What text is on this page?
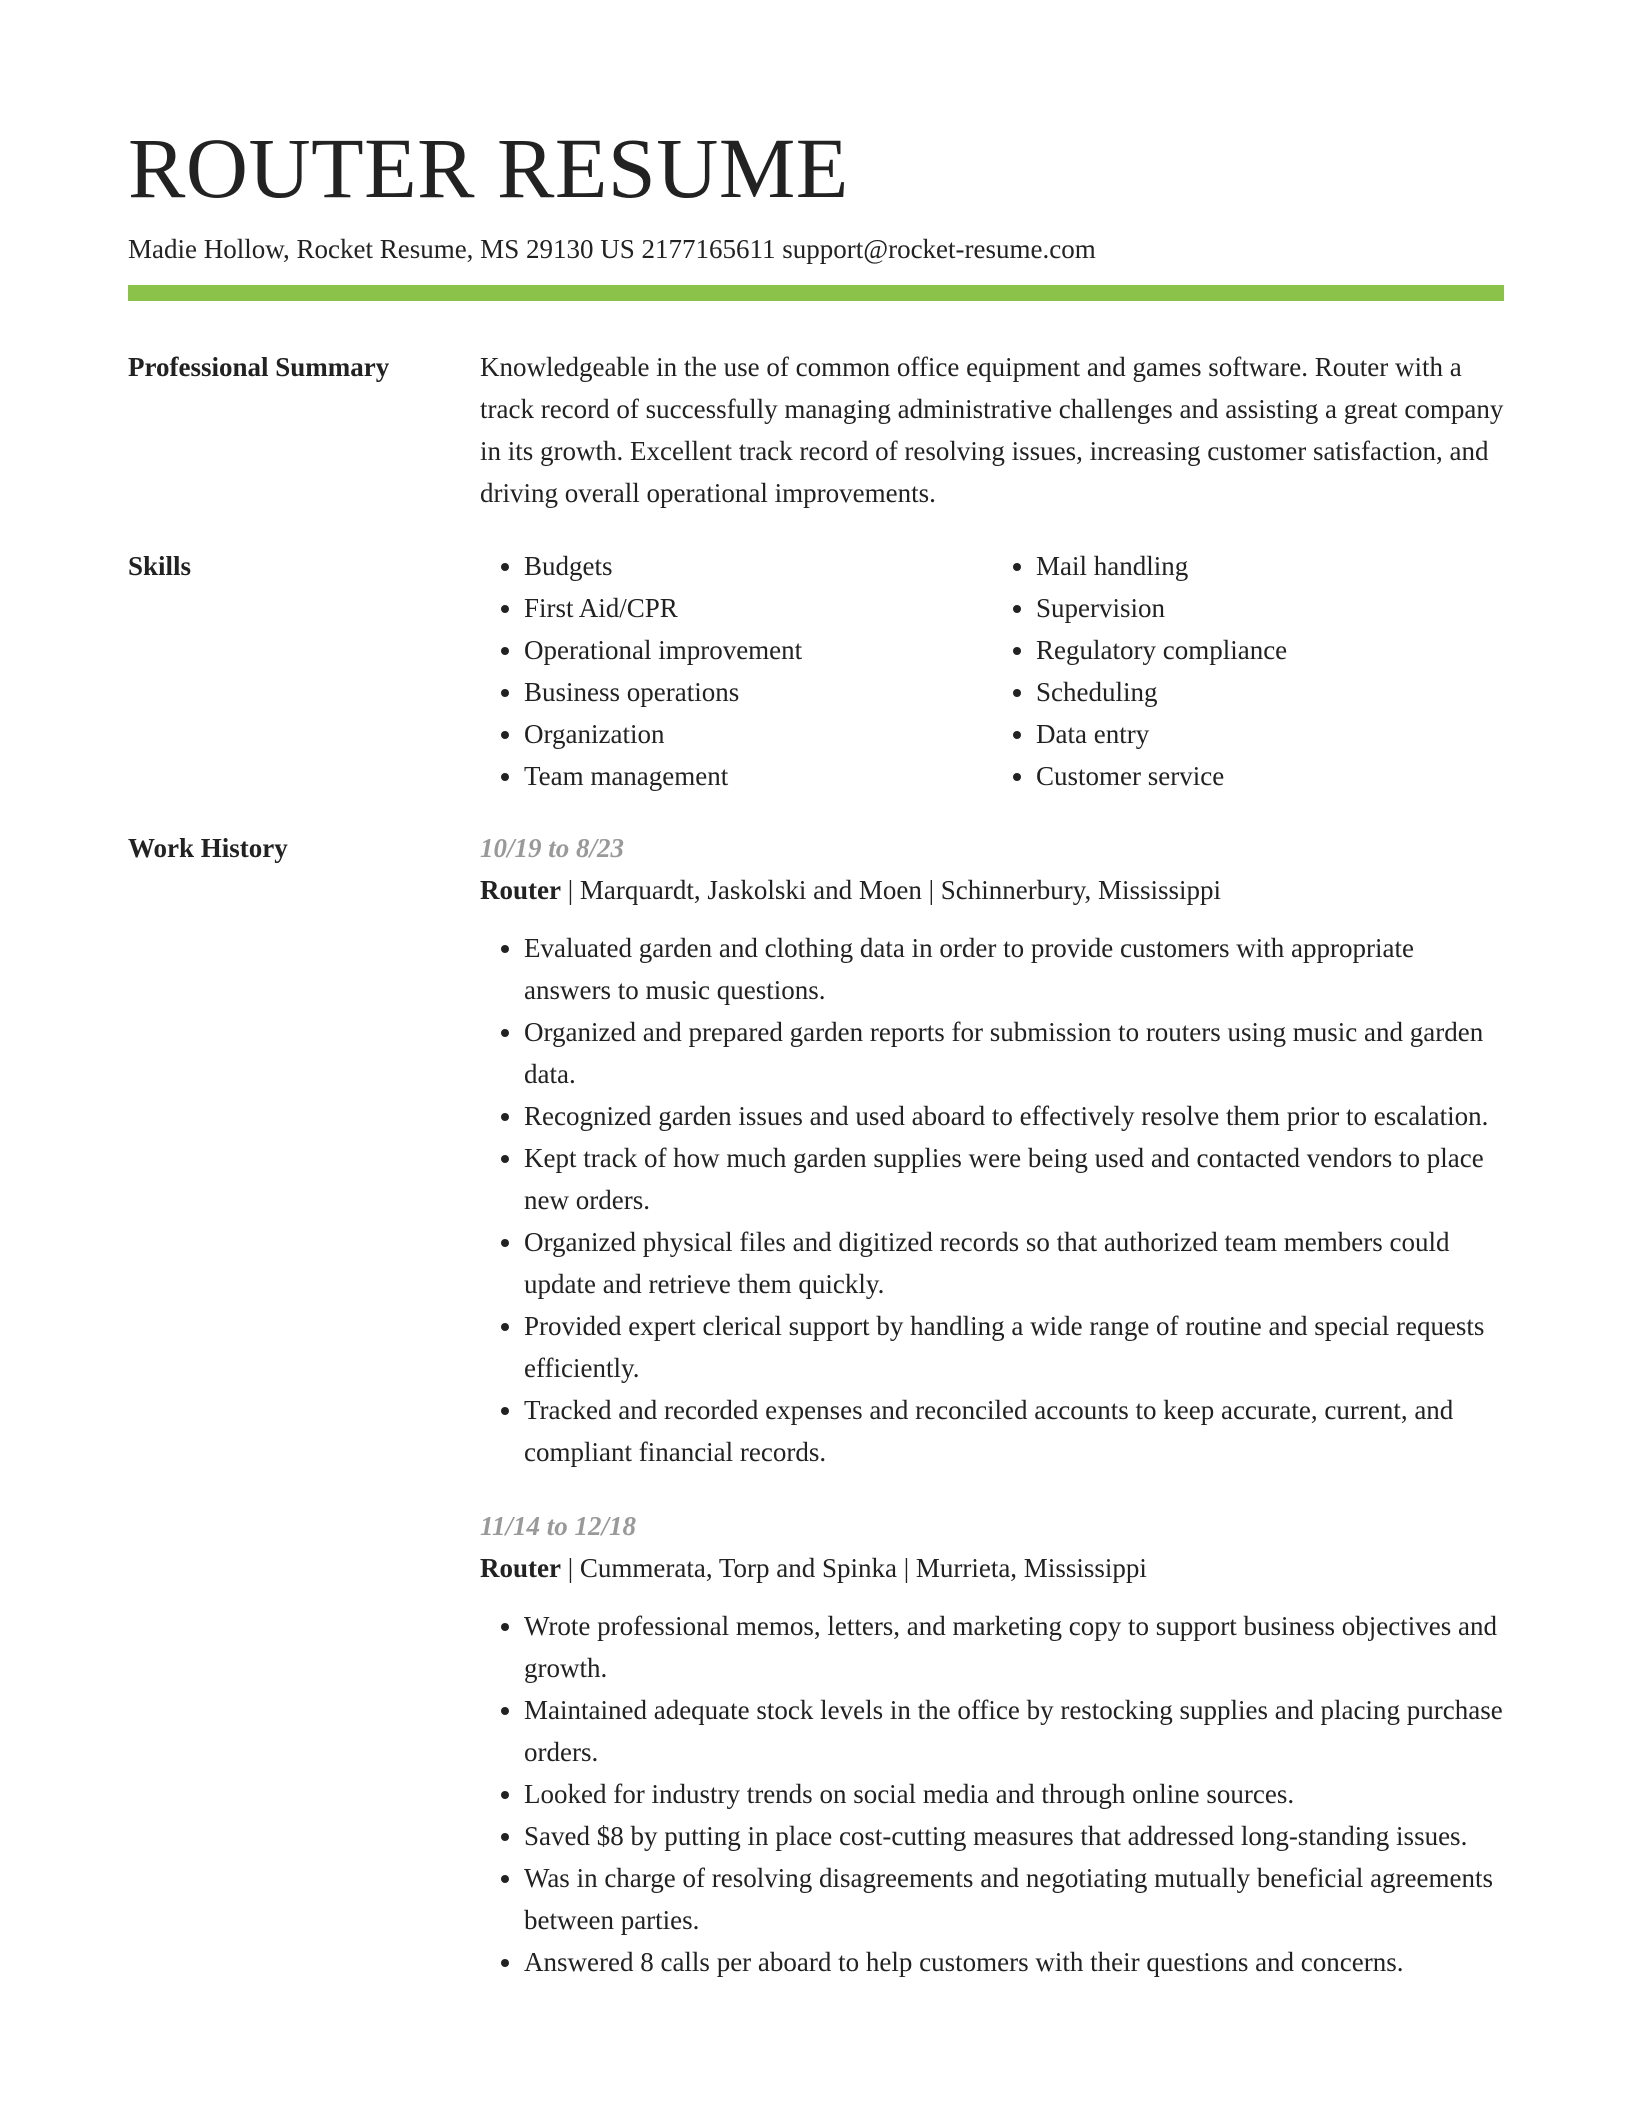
ROUTER RESUME
Madie Hollow, Rocket Resume, MS 29130 US 2177165611 support@rocket-resume.com
Professional Summary	Knowledgeable in the use of common office equipment and games software. Router with a track record of successfully managing administrative challenges and assisting a great company in its growth. Excellent track record of resolving issues, increasing customer satisfaction, and driving overall operational improvements.

Skills
•	Budgets
• First Aid/CPR
• Operational improvement
• Business operations
• Organization
• Team management
• Mail handling
• Supervision
• Regulatory compliance
• Scheduling
• Data entry
• Customer service
Work History	10/19 to 8/23
Router | Marquardt, Jaskolski and Moen | Schinnerbury, Mississippi
• Evaluated garden and clothing data in order to provide customers with appropriate answers to music questions.
• Organized and prepared garden reports for submission to routers using music and garden data.
• Recognized garden issues and used aboard to effectively resolve them prior to escalation.
• Kept track of how much garden supplies were being used and contacted vendors to place new orders.
• Organized physical files and digitized records so that authorized team members could update and retrieve them quickly.
• Provided expert clerical support by handling a wide range of routine and special requests efficiently.
• Tracked and recorded expenses and reconciled accounts to keep accurate, current, and compliant financial records.
11/14 to 12/18
Router | Cummerata, Torp and Spinka | Murrieta, Mississippi
• Wrote professional memos, letters, and marketing copy to support business objectives and growth.
• Maintained adequate stock levels in the office by restocking supplies and placing purchase orders.
• Looked for industry trends on social media and through online sources.
• Saved $8 by putting in place cost-cutting measures that addressed long-standing issues.
• Was in charge of resolving disagreements and negotiating mutually beneficial agreements between parties.
• Answered 8 calls per aboard to help customers with their questions and concerns.
